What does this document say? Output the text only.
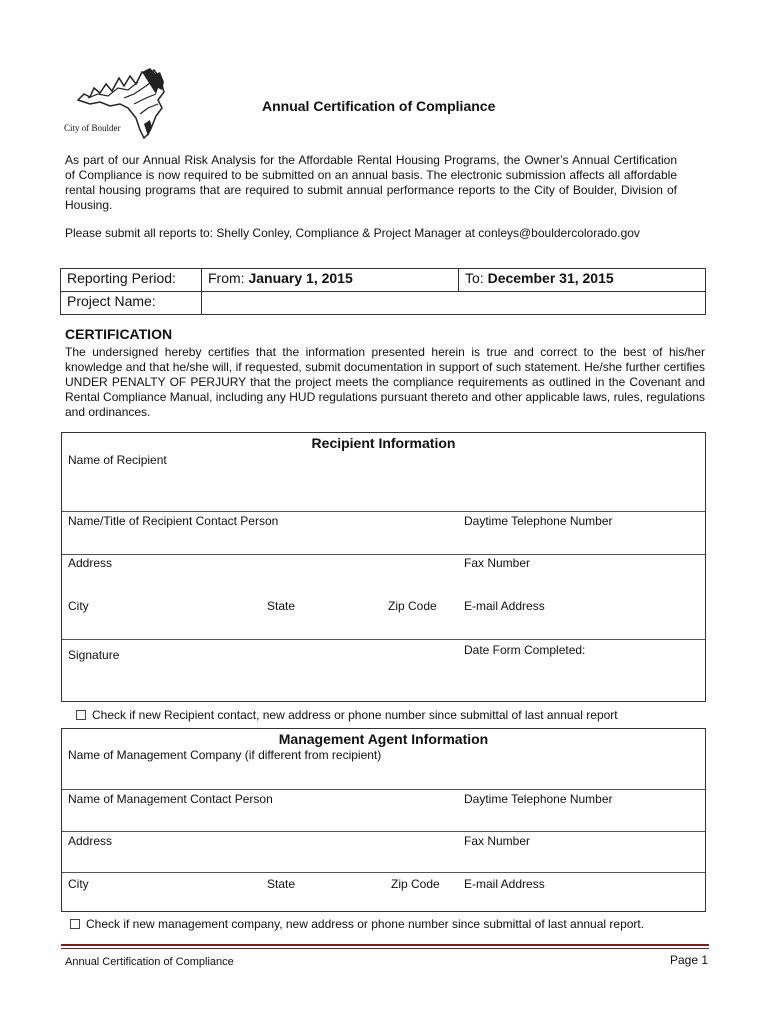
City of Boulder
Annual Certification of Compliance
As part of our Annual Risk Analysis for the Affordable Rental Housing Programs, the Owner’s Annual Certification of Compliance is now required to be submitted on an annual basis. The electronic submission affects all affordable rental housing programs that are required to submit annual performance reports to the City of Boulder, Division of Housing.
Please submit all reports to: Shelly Conley, Compliance & Project Manager at conleys@bouldercolorado.gov
Reporting Period:	From: January 1, 2015	To: December 31, 2015
Project Name:		
CERTIFICATION
The undersigned hereby certifies that the information presented herein is true and correct to the best of his/her knowledge and that he/she will, if requested, submit documentation in support of such statement. He/she further certifies UNDER PENALTY OF PERJURY that the project meets the compliance requirements as outlined in the Covenant and Rental Compliance Manual, including any HUD regulations pursuant thereto and other applicable laws, rules, regulations and ordinances.
Recipient Information
Name of Recipient
Name/Title of Recipient Contact Person	Daytime Telephone Number
Address	Fax Number
City	State	Zip Code E-mail Address
Signature	Date Form Completed:
Check if new Recipient contact, new address or phone number since submittal of last annual report
Management Agent Information
Name of Management Company (if different from recipient)
Name of Management Contact Person	Daytime Telephone Number
Address	Fax Number
City	State	Zip Code E-mail Address
Check if new management company, new address or phone number since submittal of last annual report.
Annual Certification of Compliance	Page 1
